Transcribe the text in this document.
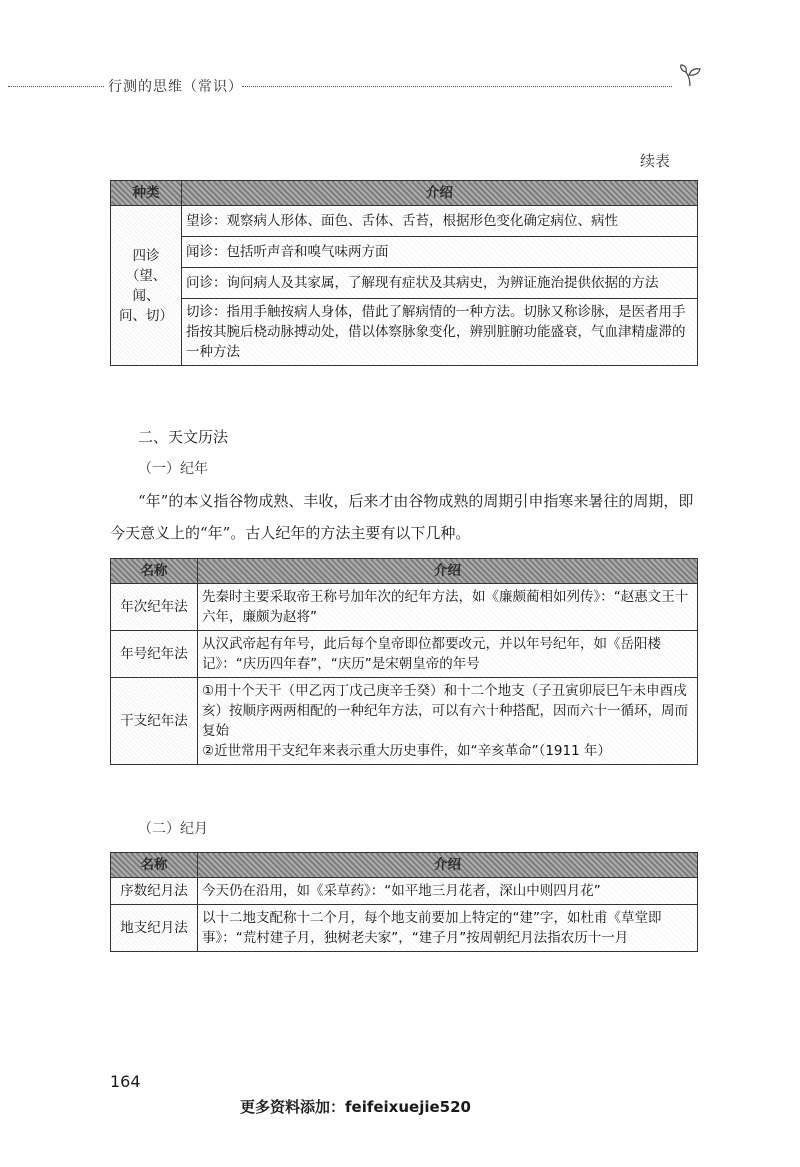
行测的思维（常识）
续表
种类	介绍

四诊
（望、闻、
问、切）	望诊：观察病人形体、面色、舌体、舌苔，根据形色变化确定病位、病性
	闻诊：包括听声音和嗅气味两方面
	问诊：询问病人及其家属，了解现有症状及其病史，为辨证施治提供依据的方法
	切诊：指用手触按病人身体，借此了解病情的一种方法。切脉又称诊脉，是医者用手指按其腕后桡动脉搏动处，借以体察脉象变化，辨别脏腑功能盛衰，气血津精虚滞的一种方法
二、天文历法
（一）纪年
“年”的本义指谷物成熟、丰收，后来才由谷物成熟的周期引申指寒来暑往的周期，即今天意义上的“年”。古人纪年的方法主要有以下几种。
名称	介绍
年次纪年法	先秦时主要采取帝王称号加年次的纪年方法，如《廉颇蔺相如列传》：“赵惠文王十六年，廉颇为赵将”
年号纪年法	从汉武帝起有年号，此后每个皇帝即位都要改元，并以年号纪年，如《岳阳楼记》：“庆历四年春”，“庆历”是宋朝皇帝的年号
干支纪年法	①用十个天干（甲乙丙丁戊己庚辛壬癸）和十二个地支（子丑寅卯辰巳午未申酉戌亥）按顺序两两相配的一种纪年方法，可以有六十种搭配，因而六十一循环，周而复始
②近世常用干支纪年来表示重大历史事件，如“辛亥革命”（1911 年）
（二）纪月
名称	介绍
序数纪月法	今天仍在沿用，如《采草药》：“如平地三月花者，深山中则四月花”
地支纪月法	以十二地支配称十二个月，每个地支前要加上特定的“建”字，如杜甫《草堂即事》：“荒村建子月，独树老夫家”，“建子月”按周朝纪月法指农历十一月
164
更多资料添加：feifeixuejie520
